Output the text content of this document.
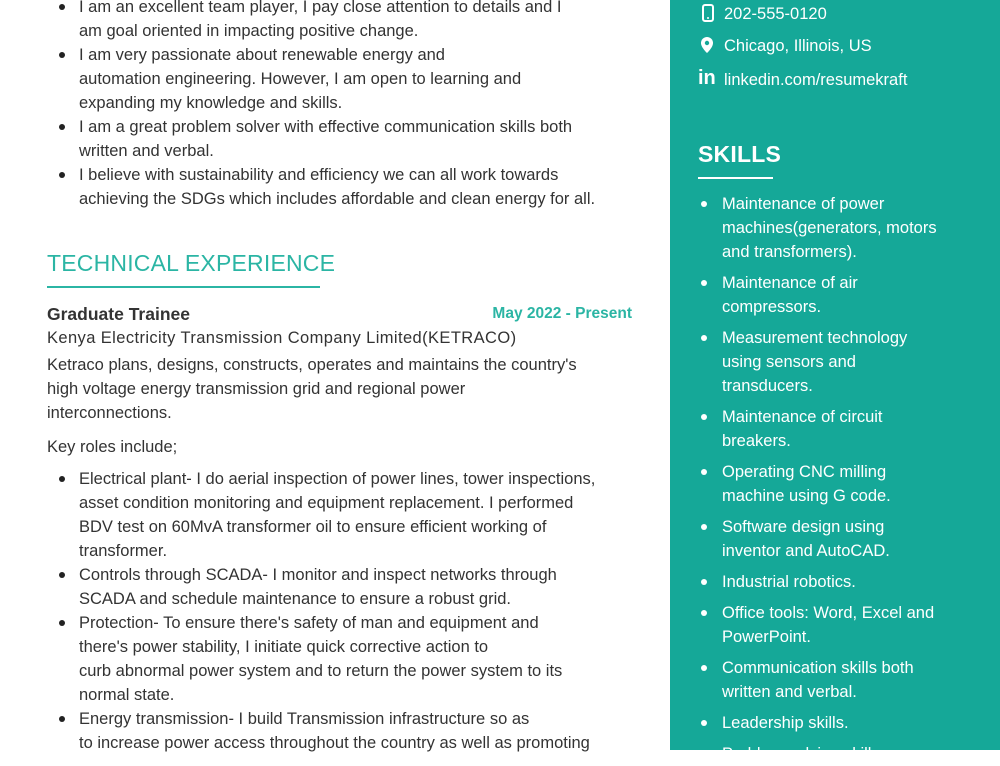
I am an excellent team player, I pay close attention to details and I
am goal oriented in impacting positive change.
I am very passionate about renewable energy and
automation engineering. However, I am open to learning and
expanding my knowledge and skills.
I am a great problem solver with effective communication skills both
written and verbal.
I believe with sustainability and efficiency we can all work towards
achieving the SDGs which includes affordable and clean energy for all.
TECHNICAL EXPERIENCE
Graduate Trainee	May 2022 - Present
Kenya Electricity Transmission Company Limited(KETRACO)
Ketraco plans, designs, constructs, operates and maintains the country's
high voltage energy transmission grid and regional power
interconnections.
Key roles include;
Electrical plant- I do aerial inspection of power lines, tower inspections,
asset condition monitoring and equipment replacement. I performed
BDV test on 60MvA transformer oil to ensure efficient working of
transformer.
Controls through SCADA- I monitor and inspect networks through
SCADA and schedule maintenance to ensure a robust grid.
Protection- To ensure there's safety of man and equipment and
there's power stability, I initiate quick corrective action to
curb abnormal power system and to return the power system to its
normal state.
Energy transmission- I build Transmission infrastructure so as
to increase power access throughout the country as well as promoting
202-555-0120
Chicago, Illinois, US
in linkedin.com/resumekraft
SKILLS
Maintenance of power
machines(generators, motors
and transformers).
Maintenance of air
compressors.
Measurement technology
using sensors and
transducers.
Maintenance of circuit
breakers.
Operating CNC milling
machine using G code.
Software design using
inventor and AutoCAD.
Industrial robotics.
Office tools: Word, Excel and
PowerPoint.
Communication skills both
written and verbal.
Leadership skills.
Problem solving skills.
